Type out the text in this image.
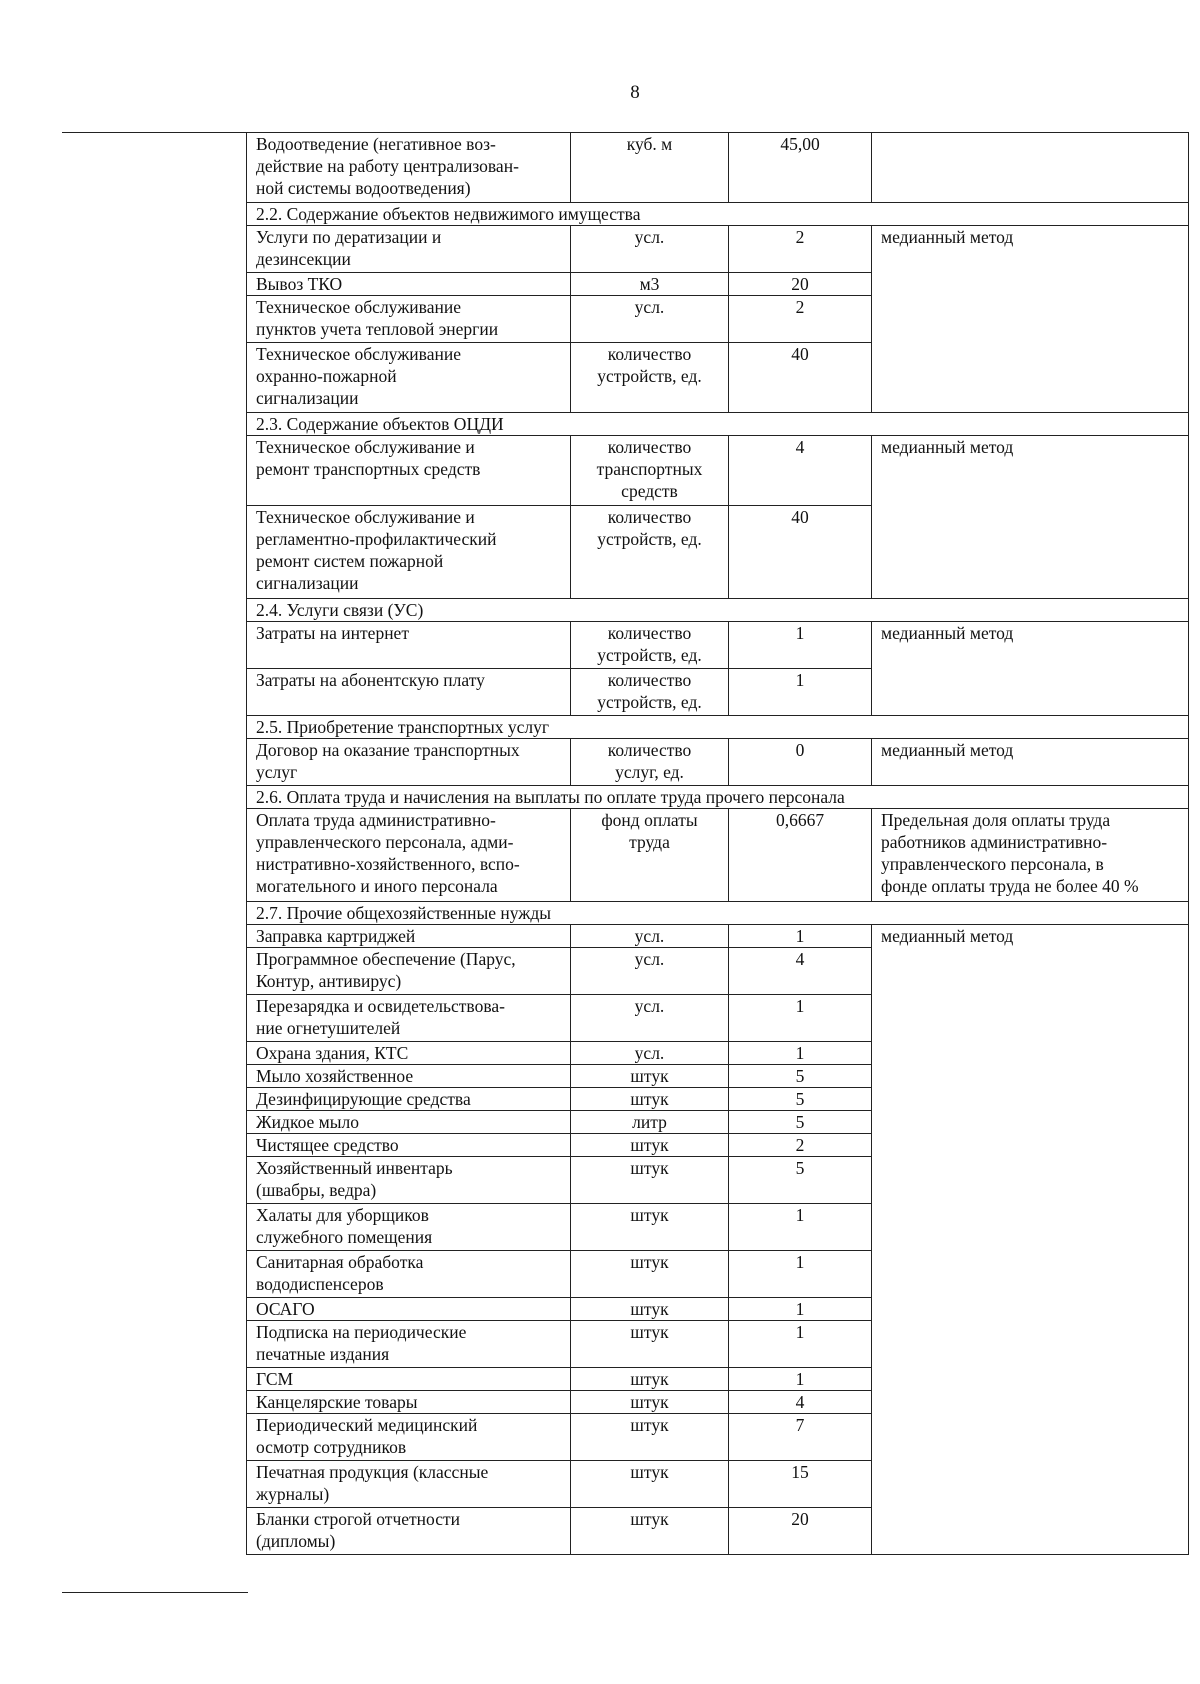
8
Водоотведение (негативное воз-
действие на работу централизован-
ной системы водоотведения)	куб. м	45,00	
2.2. Содержание объектов недвижимого имущества			
Услуги по дератизации и
дезинсекции	усл.	2	медианный метод
Вывоз ТКО	м3	20	
Техническое обслуживание
пунктов учета тепловой энергии	усл.	2	
Техническое обслуживание
охранно-пожарной
сигнализации	количество
устройств, ед.	40	
2.3. Содержание объектов ОЦДИ			
Техническое обслуживание и
ремонт транспортных средств	количество
транспортных
средств	4	медианный метод
Техническое обслуживание и
регламентно-профилактический
ремонт систем пожарной
сигнализации	количество
устройств, ед.	40	
2.4. Услуги связи (УС)			
Затраты на интернет	количество
устройств, ед.	1	медианный метод
Затраты на абонентскую плату	количество
устройств, ед.	1	
2.5. Приобретение транспортных услуг			
Договор на оказание транспортных
услуг	количество
услуг, ед.	0	медианный метод
2.6. Оплата труда и начисления на выплаты по оплате труда прочего персонала			
Оплата труда административно-
управленческого персонала, адми-
нистративно-хозяйственного, вспо-
могательного и иного персонала	фонд оплаты
труда	0,6667	Предельная доля оплаты труда
работников административно-
управленческого персонала, в
фонде оплаты труда не более 40 %
2.7. Прочие общехозяйственные нужды			
Заправка картриджей	усл.	1	медианный метод
Программное обеспечение (Парус,
Контур, антивирус)	усл.	4	
Перезарядка и освидетельствова-
ние огнетушителей	усл.	1	
Охрана здания, КТС	усл.	1	
Мыло хозяйственное	штук	5	
Дезинфицирующие средства	штук	5	
Жидкое мыло	литр	5	
Чистящее средство	штук	2	
Хозяйственный инвентарь
(швабры, ведра)	штук	5	
Халаты для уборщиков
служебного помещения	штук	1	
Санитарная обработка
вододиспенсеров	штук	1	
ОСАГО	штук	1	
Подписка на периодические
печатные издания	штук	1	
ГСМ	штук	1	
Канцелярские товары	штук	4	
Периодический медицинский
осмотр сотрудников	штук	7	
Печатная продукция (классные
журналы)	штук	15	
Бланки строгой отчетности
(дипломы)	штук	20	
